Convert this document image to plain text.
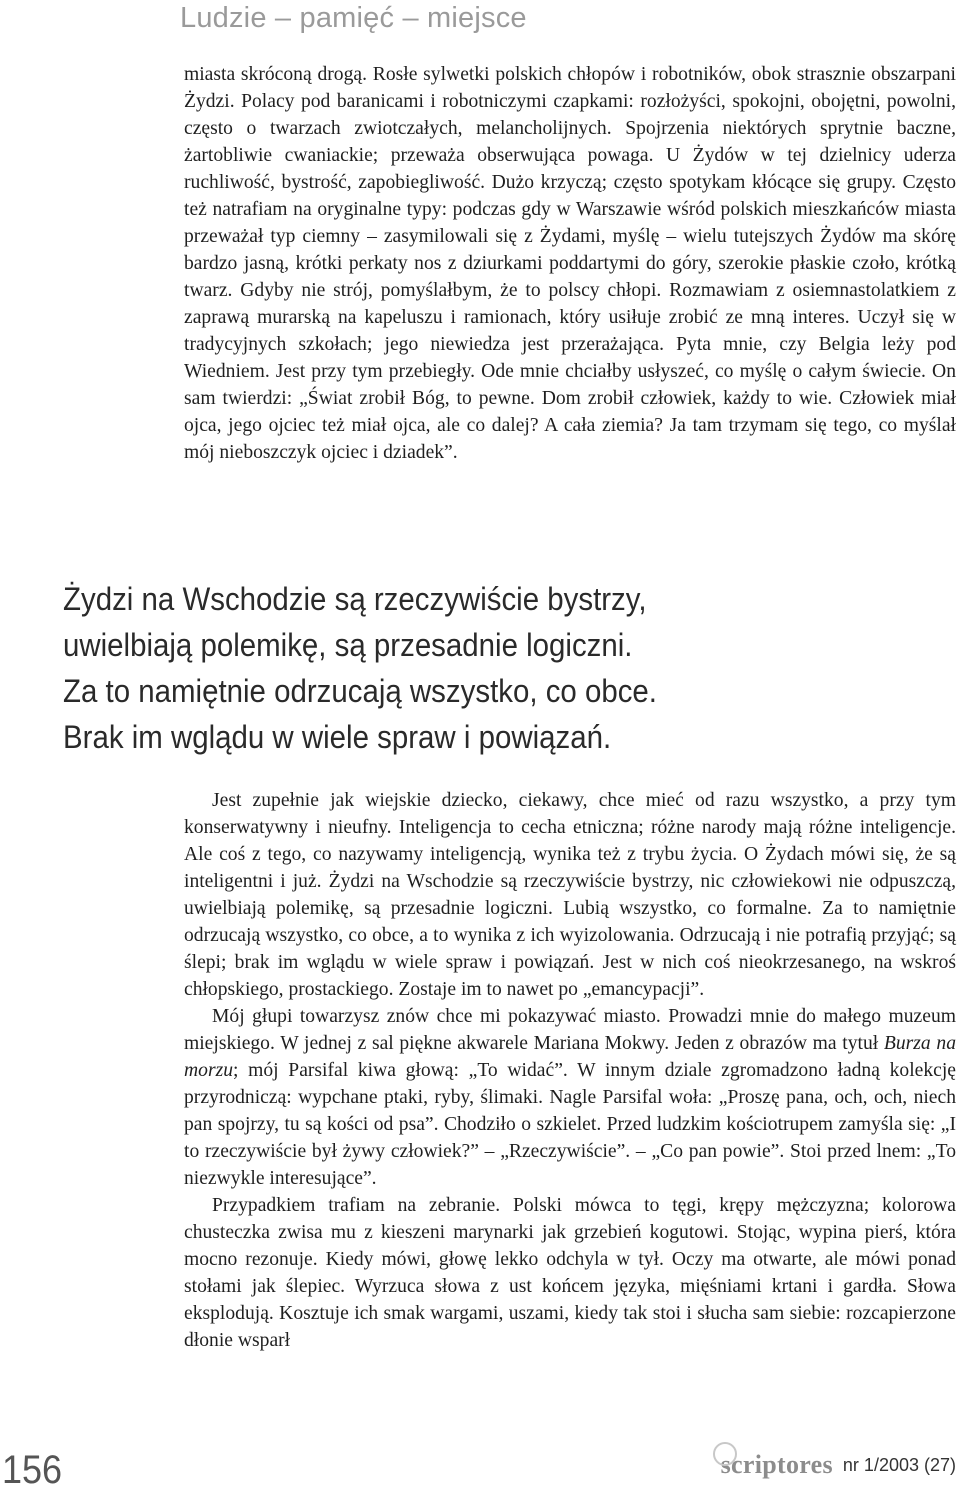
Ludzie – pamięć – miejsce

miasta skróconą drogą. Rosłe sylwetki polskich chłopów i robotników, obok strasznie obszarpani Żydzi. Polacy pod baranicami i robotniczymi czapkami: rozłożyści, spokojni, obojętni, powolni, często o twarzach zwiotczałych, melancholijnych. Spojrzenia niektórych sprytnie baczne, żartobliwie cwaniackie; przeważa obserwująca powaga. U Żydów w tej dzielnicy uderza ruchliwość, bystrość, zapobiegliwość. Dużo krzyczą; często spotykam kłócące się grupy. Często też natrafiam na oryginalne typy: podczas gdy w Warszawie wśród polskich mieszkańców miasta przeważał typ ciemny – zasymilowali się z Żydami, myślę – wielu tutejszych Żydów ma skórę bardzo jasną, krótki perkaty nos z dziurkami poddartymi do góry, szerokie płaskie czoło, krótką twarz. Gdyby nie strój, pomyślałbym, że to polscy chłopi. Rozmawiam z osiemnastolatkiem z zaprawą murarską na kapeluszu i ramionach, który usiłuje zrobić ze mną interes. Uczył się w tradycyjnych szkołach; jego niewiedza jest przerażająca. Pyta mnie, czy Belgia leży pod Wiedniem. Jest przy tym przebiegły. Ode mnie chciałby usłyszeć, co myślę o całym świecie. On sam twierdzi: „Świat zrobił Bóg, to pewne. Dom zrobił człowiek, każdy to wie. Człowiek miał ojca, jego ojciec też miał ojca, ale co dalej? A cała ziemia? Ja tam trzymam się tego, co myślał mój nieboszczyk ojciec i dziadek”.

Żydzi na Wschodzie są rzeczywiście bystrzy,
uwielbiają polemikę, są przesadnie logiczni.
Za to namiętnie odrzucają wszystko, co obce.
Brak im wglądu w wiele spraw i powiązań.

Jest zupełnie jak wiejskie dziecko, ciekawy, chce mieć od razu wszystko, a przy tym konserwatywny i nieufny. Inteligencja to cecha etniczna; różne narody mają różne inteligencje. Ale coś z tego, co nazywamy inteligencją, wynika też z trybu życia. O Żydach mówi się, że są inteligentni i już. Żydzi na Wschodzie są rzeczywiście bystrzy, nic człowiekowi nie odpuszczą, uwielbiają polemikę, są przesadnie logiczni. Lubią wszystko, co formalne. Za to namiętnie odrzucają wszystko, co obce, a to wynika z ich wyizolowania. Odrzucają i nie potrafią przyjąć; są ślepi; brak im wglądu w wiele spraw i powiązań. Jest w nich coś nieokrzesanego, na wskroś chłopskiego, prostackiego. Zostaje im to nawet po „emancypacji”.

Mój głupi towarzysz znów chce mi pokazywać miasto. Prowadzi mnie do małego muzeum miejskiego. W jednej z sal piękne akwarele Mariana Mokwy. Jeden z obrazów ma tytuł Burza na morzu; mój Parsifal kiwa głową: „To widać”. W innym dziale zgromadzono ładną kolekcję przyrodniczą: wypchane ptaki, ryby, ślimaki. Nagle Parsifal woła: „Proszę pana, och, och, niech pan spojrzy, tu są kości od psa”. Chodziło o szkielet. Przed ludzkim kościotrupem zamyśla się: „I to rzeczywiście był żywy człowiek?” – „Rzeczywiście”. – „Co pan powie”. Stoi przed lnem: „To niezwykle interesujące”.

Przypadkiem trafiam na zebranie. Polski mówca to tęgi, krępy mężczyzna; kolorowa chusteczka zwisa mu z kieszeni marynarki jak grzebień kogutowi. Stojąc, wypina pierś, która mocno rezonuje. Kiedy mówi, głowę lekko odchyla w tył. Oczy ma otwarte, ale mówi ponad stołami jak ślepiec. Wyrzuca słowa z ust końcem języka, mięśniami krtani i gardła. Słowa eksplodują. Kosztuje ich smak wargami, uszami, kiedy tak stoi i słucha sam siebie: rozcapierzone dłonie wsparł

156	scriptores nr 1/2003 (27)
